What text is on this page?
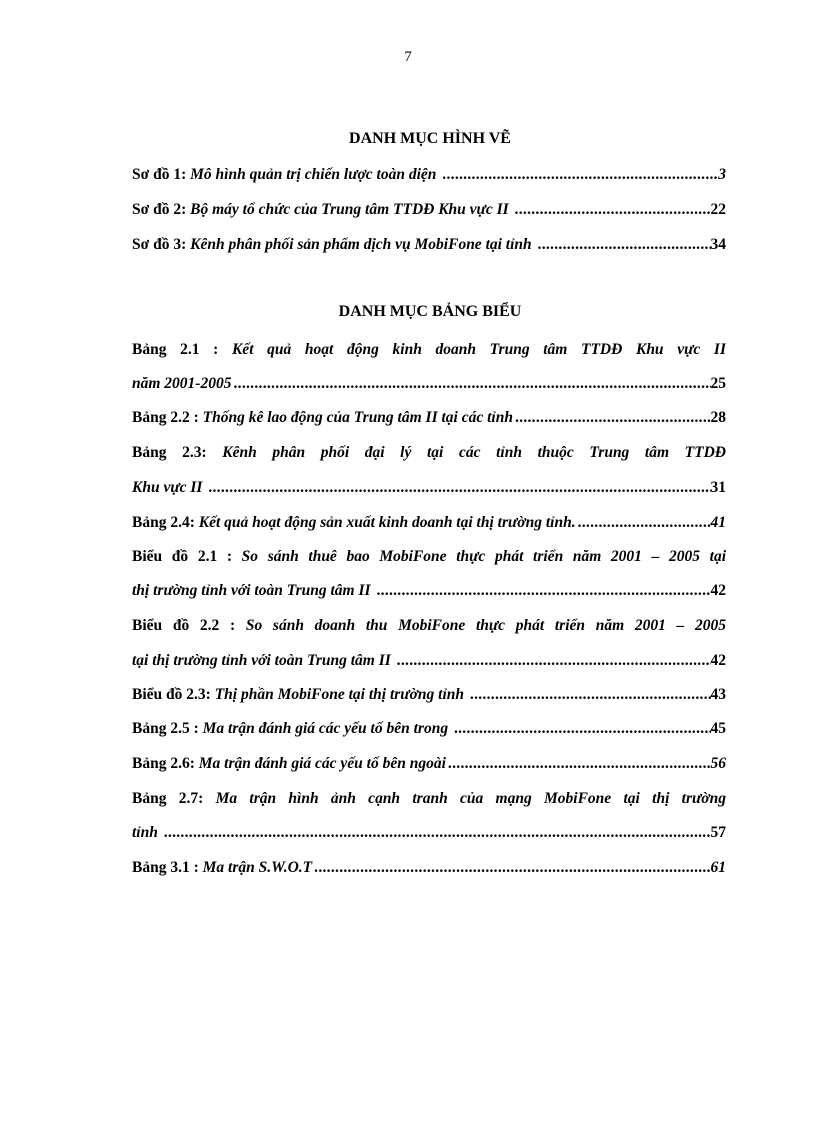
7
DANH MỤC HÌNH VẼ
Sơ đồ 1: Mô hình quản trị chiến lược toàn diện .....	3
Sơ đồ 2: Bộ máy tổ chức của Trung tâm TTDĐ Khu vực II .....	22
Sơ đồ 3: Kênh phân phối sản phẩm dịch vụ MobiFone tại tỉnh .....	34
DANH MỤC BẢNG BIỂU
Bảng 2.1 : Kết quả hoạt động kinh doanh Trung tâm TTDĐ Khu vực II
năm 2001-2005 .....	25
Bảng 2.2 : Thống kê lao động của Trung tâm II tại các tỉnh .....	28
Bảng 2.3: Kênh phân phối đại lý tại các tỉnh thuộc Trung tâm TTDĐ
Khu vực II .....	31
Bảng 2.4: Kết quả hoạt động sản xuất kinh doanh tại thị trường tỉnh. .....	41
Biểu đồ 2.1 : So sánh thuê bao MobiFone thực phát triển năm 2001 – 2005 tại
thị trường tỉnh với toàn Trung tâm II .....	42
Biểu đồ 2.2 : So sánh doanh thu MobiFone thực phát triển năm 2001 – 2005
tại thị trường tỉnh với toàn Trung tâm II .....	42
Biểu đồ 2.3: Thị phần MobiFone tại thị trường tỉnh .....	43
Bảng 2.5 : Ma trận đánh giá các yếu tố bên trong .....	45
Bảng 2.6: Ma trận đánh giá các yếu tố bên ngoài .....	56
Bảng 2.7: Ma trận hình ảnh cạnh tranh của mạng MobiFone tại thị trường
tỉnh .....	57
Bảng 3.1 : Ma trận S.W.O.T .....	61
